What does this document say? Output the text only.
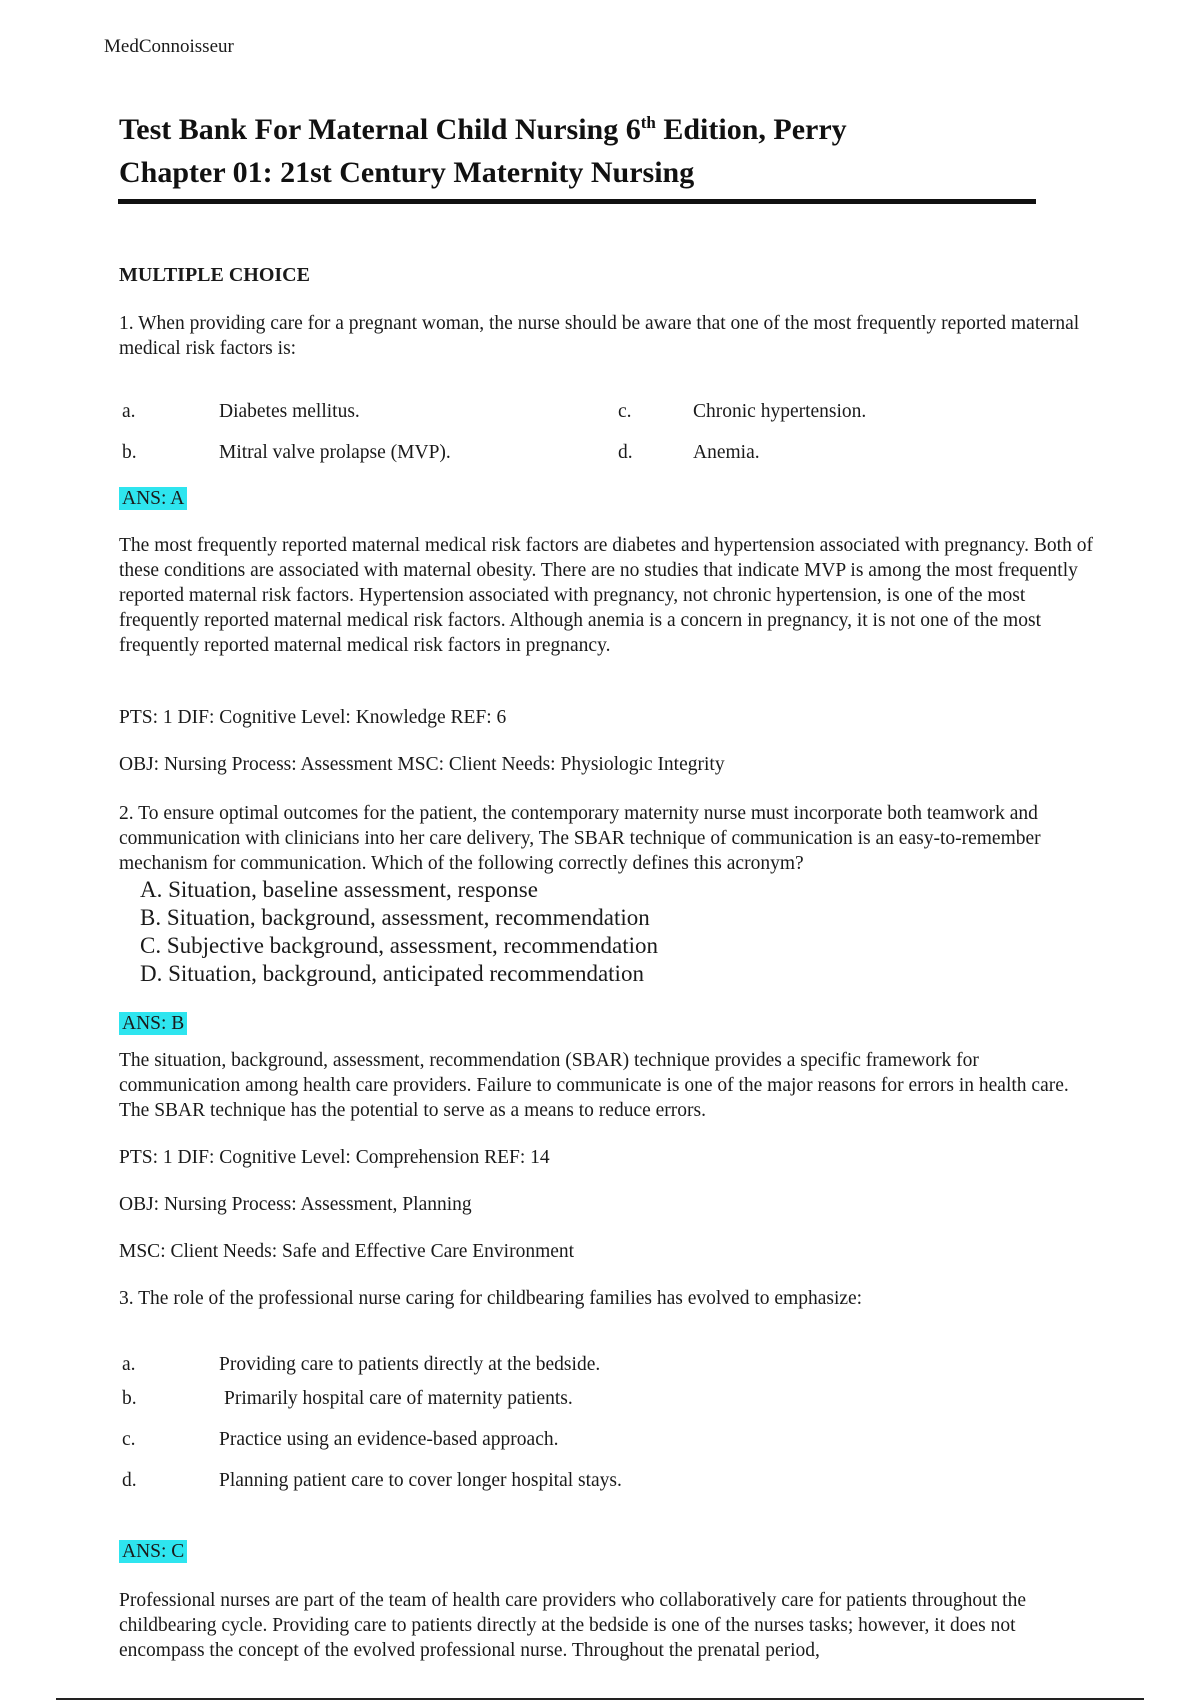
MedConnoisseur
Test Bank For Maternal Child Nursing 6th Edition, Perry
Chapter 01: 21st Century Maternity Nursing
MULTIPLE CHOICE
1. When providing care for a pregnant woman, the nurse should be aware that one of the most frequently reported maternal medical risk factors is:
a.	Diabetes mellitus.
b.	Mitral valve prolapse (MVP).
c.	Chronic hypertension.
d.	Anemia.
ANS: A
The most frequently reported maternal medical risk factors are diabetes and hypertension associated with pregnancy. Both of these conditions are associated with maternal obesity. There are no studies that indicate MVP is among the most frequently reported maternal risk factors. Hypertension associated with pregnancy, not chronic hypertension, is one of the most frequently reported maternal medical risk factors. Although anemia is a concern in pregnancy, it is not one of the most frequently reported maternal medical risk factors in pregnancy.
PTS: 1 DIF: Cognitive Level: Knowledge REF: 6
OBJ: Nursing Process: Assessment MSC: Client Needs: Physiologic Integrity
2. To ensure optimal outcomes for the patient, the contemporary maternity nurse must incorporate both teamwork and communication with clinicians into her care delivery, The SBAR technique of communication is an easy-to-remember mechanism for communication. Which of the following correctly defines this acronym?
A. Situation, baseline assessment, response
B. Situation, background, assessment, recommendation
C. Subjective background, assessment, recommendation
D. Situation, background, anticipated recommendation
ANS: B
The situation, background, assessment, recommendation (SBAR) technique provides a specific framework for communication among health care providers. Failure to communicate is one of the major reasons for errors in health care. The SBAR technique has the potential to serve as a means to reduce errors.
PTS: 1 DIF: Cognitive Level: Comprehension REF: 14
OBJ: Nursing Process: Assessment, Planning
MSC: Client Needs: Safe and Effective Care Environment
3. The role of the professional nurse caring for childbearing families has evolved to emphasize:
a.	Providing care to patients directly at the bedside.
b.	Primarily hospital care of maternity patients.
c.	Practice using an evidence-based approach.
d.	Planning patient care to cover longer hospital stays.
ANS: C
Professional nurses are part of the team of health care providers who collaboratively care for patients throughout the childbearing cycle. Providing care to patients directly at the bedside is one of the nurses tasks; however, it does not encompass the concept of the evolved professional nurse. Throughout the prenatal period,
